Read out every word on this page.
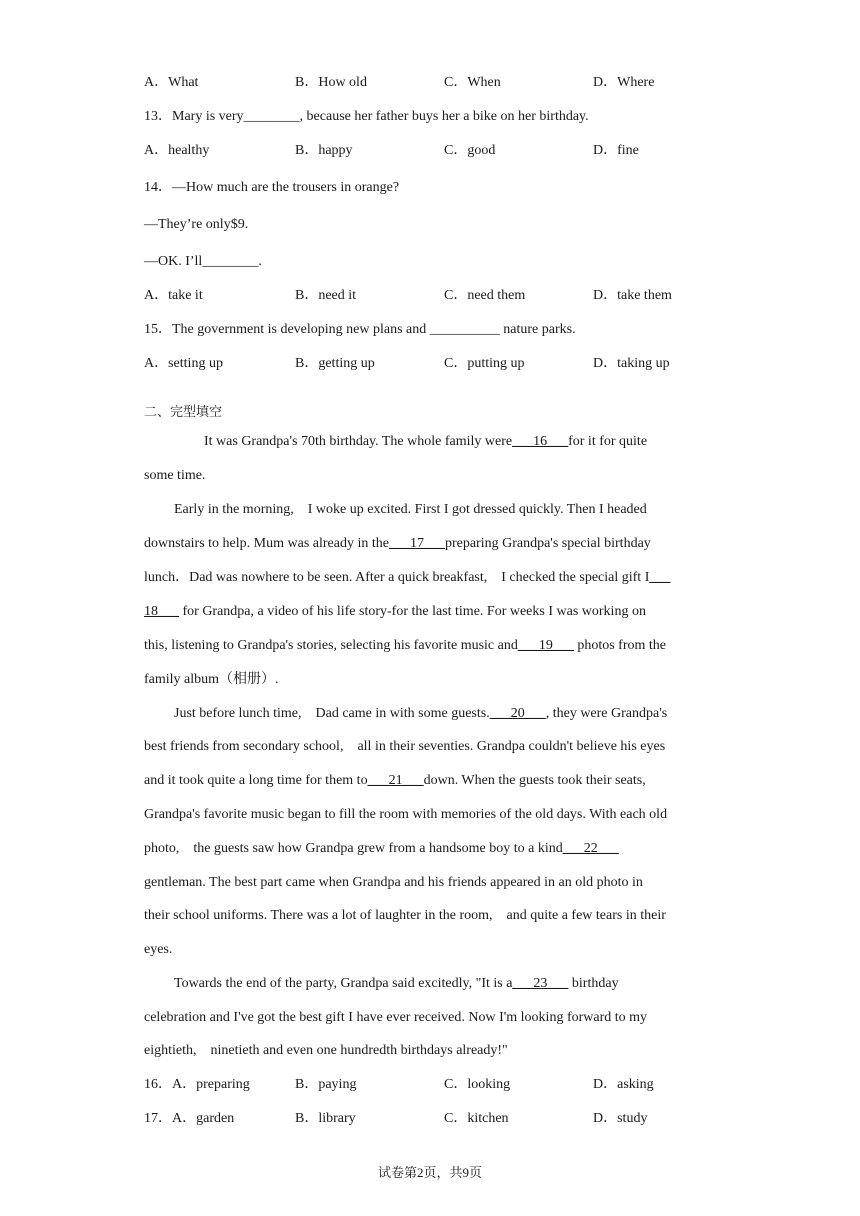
A．What	B．How old	C．When	D．Where
13．Mary is very________, because her father buys her a bike on her birthday.
A．healthy	B．happy	C．good	D．fine
14．—How much are the trousers in orange?
—They’re only$9.
—OK. I’ll________.
A．take it	B．need it	C．need them	D．take them
15．The government is developing new plans and __________ nature parks.
A．setting up	B．getting up	C．putting up	D．taking up
二、完型填空
It was Grandpa's 70th birthday. The whole family were___16___for it for quite
some time.
Early in the morning,　I woke up excited. First I got dressed quickly. Then I headed
downstairs to help. Mum was already in the___17___preparing Grandpa's special birthday
lunch．Dad was nowhere to be seen. After a quick breakfast,　I checked the special gift I___
18___ for Grandpa, a video of his life story-for the last time. For weeks I was working on
this, listening to Grandpa's stories, selecting his favorite music and___19___ photos from the
family album（相册）.
Just before lunch time,　Dad came in with some guests.___20___, they were Grandpa's
best friends from secondary school,　all in their seventies. Grandpa couldn't believe his eyes
and it took quite a long time for them to___21___down. When the guests took their seats,
Grandpa's favorite music began to fill the room with memories of the old days. With each old
photo,　the guests saw how Grandpa grew from a handsome boy to a kind___22___
gentleman. The best part came when Grandpa and his friends appeared in an old photo in
their school uniforms. There was a lot of laughter in the room,　and quite a few tears in their
eyes.
Towards the end of the party, Grandpa said excitedly, "It is a___23___ birthday
celebration and I've got the best gift I have ever received. Now I'm looking forward to my
eightieth,　ninetieth and even one hundredth birthdays already!"
16．A．preparing	B．paying	C．looking	D．asking
17．A．garden	B．library	C．kitchen	D．study
试卷第2页，共9页
